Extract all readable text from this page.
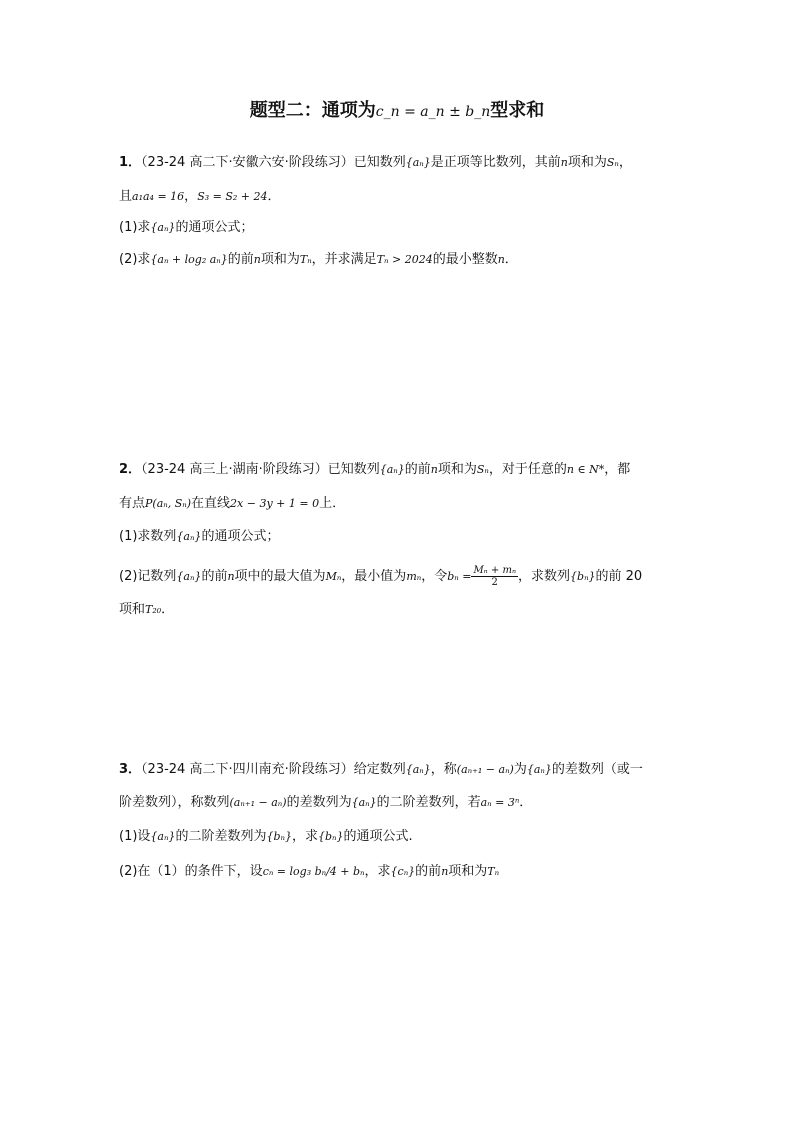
题型二：通项为c_n = a_n ± b_n型求和
1．（23-24 高二下·安徽六安·阶段练习）已知数列{aₙ}是正项等比数列，其前n项和为Sₙ，
且a₁a₄ = 16，S₃ = S₂ + 24．
(1)求{aₙ}的通项公式；
(2)求{aₙ + log₂ aₙ}的前n项和为Tₙ，并求满足Tₙ > 2024的最小整数n．
2．（23-24 高三上·湖南·阶段练习）已知数列{aₙ}的前n项和为Sₙ，对于任意的n ∈ N*，都
有点P(aₙ, Sₙ)在直线2x − 3y + 1 = 0上．
(1)求数列{aₙ}的通项公式；
(2)记数列{aₙ}的前n项中的最大值为Mₙ，最小值为mₙ，令$b_n = \frac{\text{Mₙ + mₙ}}{2}$ ，求数列{bₙ}的前 20
项和T₂₀．
3．（23-24 高二下·四川南充·阶段练习）给定数列{aₙ}，称(aₙ₊₁ − aₙ)为{aₙ}的差数列（或一
阶差数列），称数列(aₙ₊₁ − aₙ)的差数列为{aₙ}的二阶差数列，若aₙ = 3ⁿ．
(1)设{aₙ}的二阶差数列为{bₙ}，求{bₙ}的通项公式.
(2)在（1）的条件下，设cₙ = log₃ bₙ/4 + bₙ，求{cₙ}的前n项和为Tₙ
